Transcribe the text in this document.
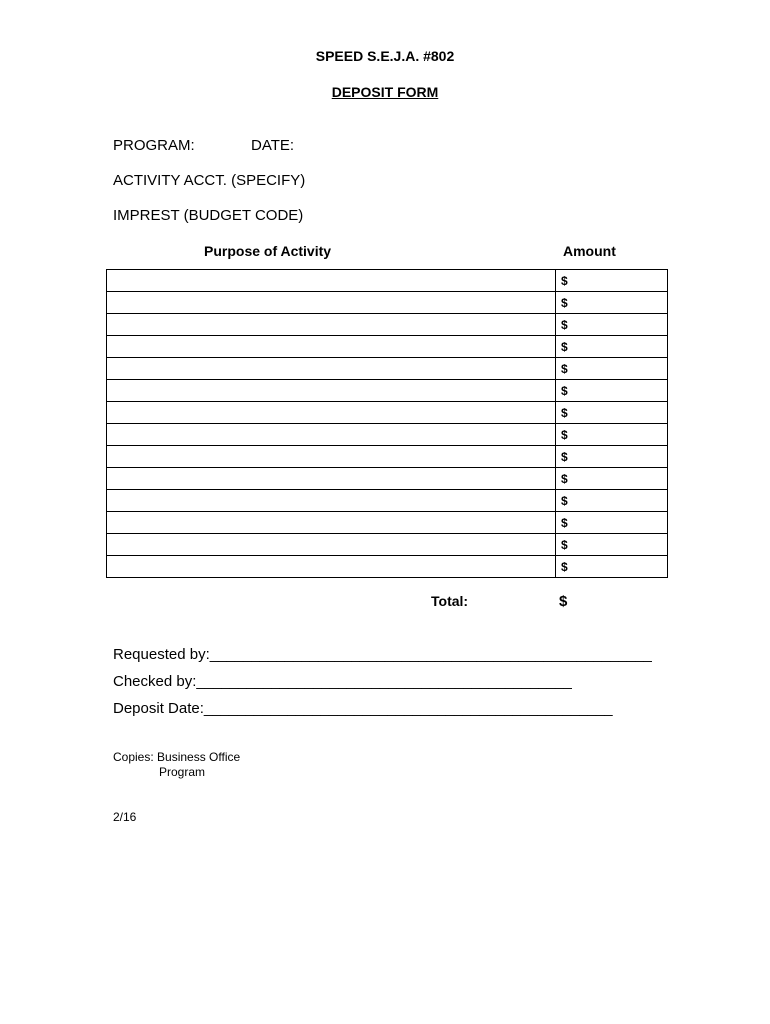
SPEED S.E.J.A. #802
DEPOSIT FORM
PROGRAM:	DATE:
ACTIVITY ACCT. (SPECIFY)
IMPREST (BUDGET CODE)
Purpose of Activity	Amount
	$
	$
	$
	$
	$
	$
	$
	$
	$
	$
	$
	$
	$
	$
Total:	$
Requested by:_____________________________________________________
Checked by:_____________________________________________
Deposit Date:_________________________________________________
Copies: Business Office
Program
2/16
